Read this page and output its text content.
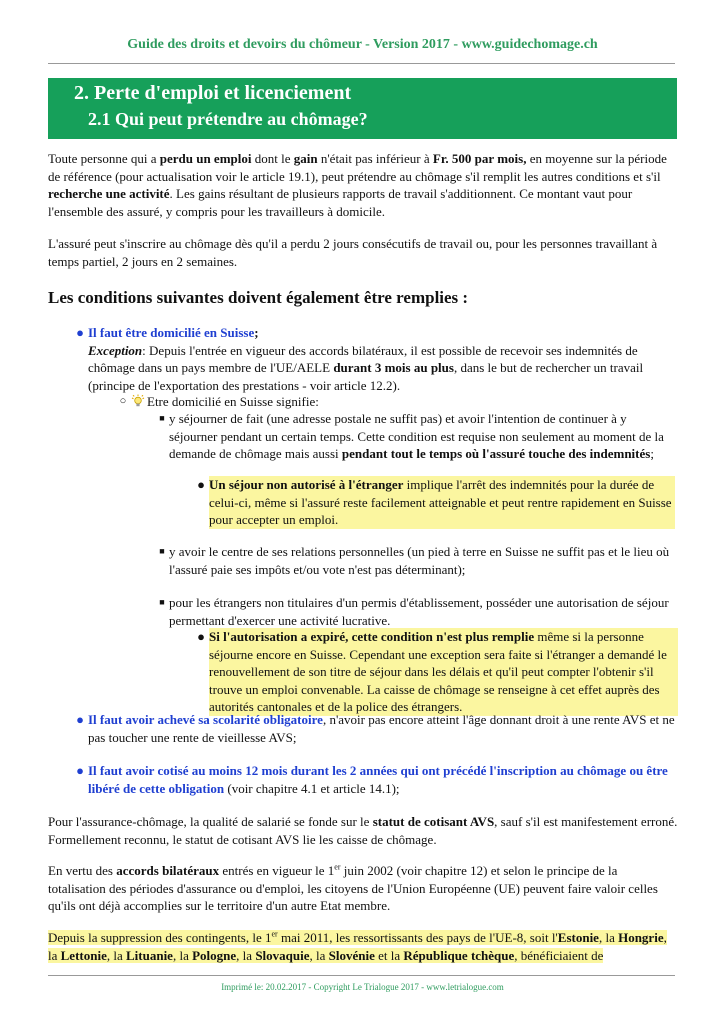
Guide des droits et devoirs du chômeur - Version 2017 - www.guidechomage.ch
2. Perte d'emploi et licenciement
2.1 Qui peut prétendre au chômage?

Toute personne qui a perdu un emploi dont le gain n'était pas inférieur à Fr. 500 par mois, en moyenne sur la période de référence (pour actualisation voir le article 19.1), peut prétendre au chômage s'il remplit les autres conditions et s'il recherche une activité. Les gains résultant de plusieurs rapports de travail s'additionnent. Ce montant vaut pour l'ensemble des assuré, y compris pour les travailleurs à domicile.

L'assuré peut s'inscrire au chômage dès qu'il a perdu 2 jours consécutifs de travail ou, pour les personnes travaillant à temps partiel, 2 jours en 2 semaines.

Les conditions suivantes doivent également être remplies :
● Il faut être domicilié en Suisse;
Exception: Depuis l'entrée en vigueur des accords bilatéraux, il est possible de recevoir ses indemnités de chômage dans un pays membre de l'UE/AELE durant 3 mois au plus, dans le but de rechercher un travail (principe de l'exportation des prestations - voir article 12.2).

○	Etre domicilié en Suisse signifie:

■ y séjourner de fait (une adresse postale ne suffit pas) et avoir l'intention de continuer à y séjourner pendant un certain temps. Cette condition est requise non seulement au moment de la demande de chômage mais aussi pendant tout le temps où l'assuré touche des indemnités;

● Un séjour non autorisé à l'étranger implique l'arrêt des indemnités pour la durée de celui-ci, même si l'assuré reste facilement atteignable et peut rentre rapidement en Suisse pour accepter un emploi.

■ y avoir le centre de ses relations personnelles (un pied à terre en Suisse ne suffit pas et le lieu où l'assuré paie ses impôts et/ou vote n'est pas déterminant);

■ pour les étrangers non titulaires d'un permis d'établissement, posséder une autorisation de séjour permettant d'exercer une activité lucrative.

● Si l'autorisation a expiré, cette condition n'est plus remplie même si la personne séjourne encore en Suisse. Cependant une exception sera faite si l'étranger a demandé le renouvellement de son titre de séjour dans les délais et qu'il peut compter l'obtenir s'il trouve un emploi convenable. La caisse de chômage se renseigne à cet effet auprès des autorités cantonales et de la police des étrangers.

● Il faut avoir achevé sa scolarité obligatoire, n'avoir pas encore atteint l'âge donnant droit à une rente AVS et ne pas toucher une rente de vieillesse AVS;

● Il faut avoir cotisé au moins 12 mois durant les 2 années qui ont précédé l'inscription au chômage ou être libéré de cette obligation (voir chapitre 4.1 et article 14.1);

Pour l'assurance-chômage, la qualité de salarié se fonde sur le statut de cotisant AVS, sauf s'il est manifestement erroné. Formellement reconnu, le statut de cotisant AVS lie les caisse de chômage.

En vertu des accords bilatéraux entrés en vigueur le 1er juin 2002 (voir chapitre 12) et selon le principe de la totalisation des périodes d'assurance ou d'emploi, les citoyens de l'Union Européenne (UE) peuvent faire valoir celles qu'ils ont déjà accomplies sur le territoire d'un autre Etat membre.

Depuis la suppression des contingents, le 1er mai 2011, les ressortissants des pays de l'UE-8, soit l'Estonie, la Hongrie, la Lettonie, la Lituanie, la Pologne, la Slovaquie, la Slovénie et la République tchèque, bénéficiaient de

Imprimé le: 20.02.2017 - Copyright Le Trialogue 2017 - www.letrialogue.com
